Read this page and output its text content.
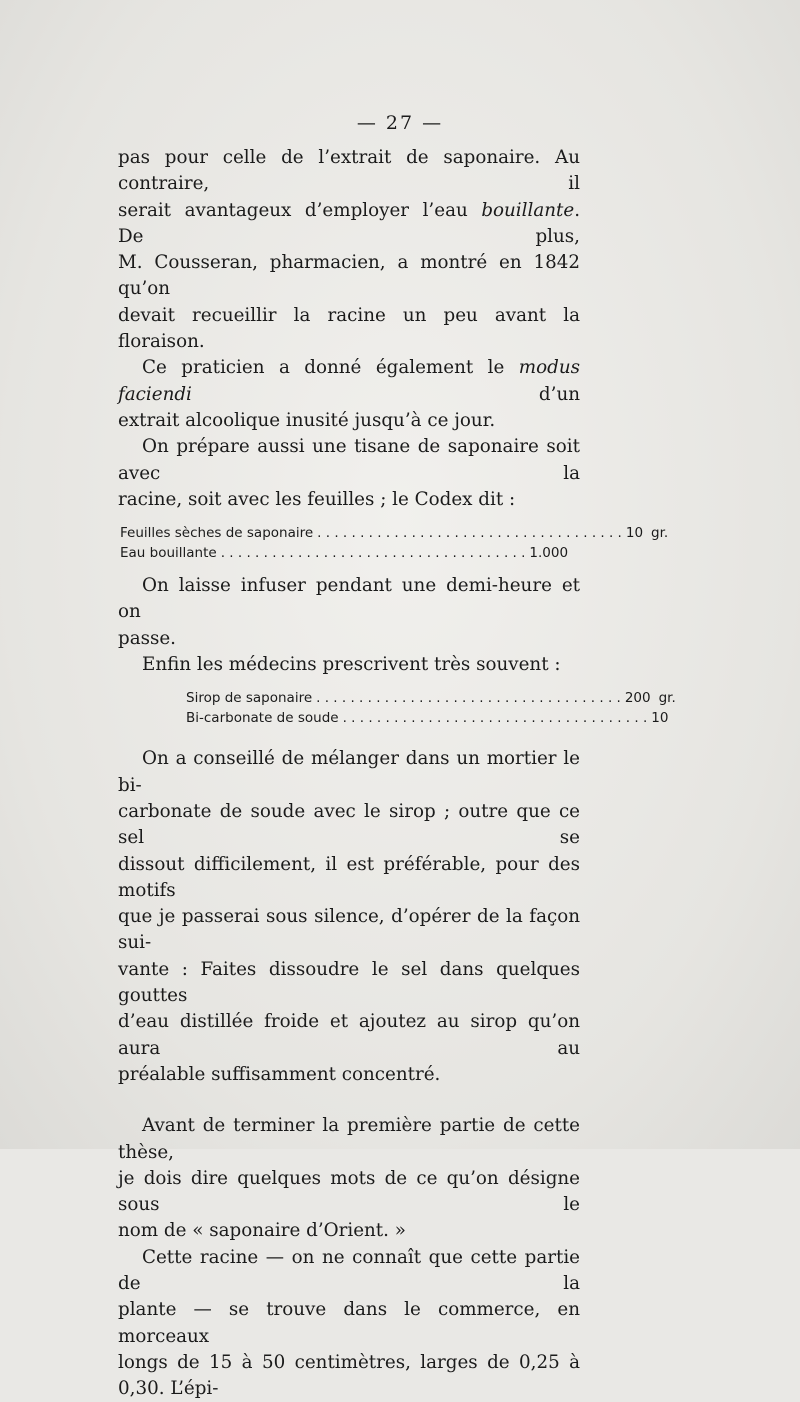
— 27 —

pas pour celle de l’extrait de saponaire. Au contraire, il

serait avantageux d’employer l’eau bouillante. De plus,

M. Cousseran, pharmacien, a montré en 1842 qu’on

devait recueillir la racine un peu avant la floraison.

Ce praticien a donné également le modus faciendi d’un

extrait alcoolique inusité jusqu’à ce jour.

On prépare aussi une tisane de saponaire soit avec la

racine, soit avec les feuilles ; le Codex dit :

Feuilles sèches de saponaire . . . . . . . . . . . . . . . . . . . . . . . . . . . . . . . . . . . . 10 gr.
Eau bouillante . . . . . . . . . . . . . . . . . . . . . . . . . . . . . . . . . . . . 1.000

On laisse infuser pendant une demi-heure et on

passe.

Enfin les médecins prescrivent très souvent :

Sirop de saponaire . . . . . . . . . . . . . . . . . . . . . . . . . . . . . . . . . . . . 200 gr.
Bi-carbonate de soude . . . . . . . . . . . . . . . . . . . . . . . . . . . . . . . . . . . . 10

On a conseillé de mélanger dans un mortier le bi-

carbonate de soude avec le sirop ; outre que ce sel se

dissout difficilement, il est préférable, pour des motifs

que je passerai sous silence, d’opérer de la façon sui-

vante : Faites dissoudre le sel dans quelques gouttes

d’eau distillée froide et ajoutez au sirop qu’on aura au

préalable suffisamment concentré.

Avant de terminer la première partie de cette thèse,

je dois dire quelques mots de ce qu’on désigne sous le

nom de « saponaire d’Orient. »

Cette racine — on ne connaît que cette partie de la

plante — se trouve dans le commerce, en morceaux

longs de 15 à 50 centimètres, larges de 0,25 à 0,30. L’épi-
